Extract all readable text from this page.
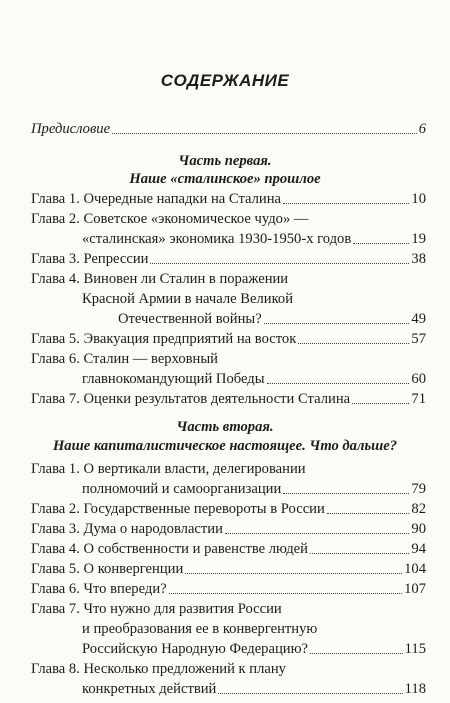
СОДЕРЖАНИЕ
Предисловие	6
Часть первая.
Наше «сталинское» прошлое
Глава 1. Очередные нападки на Сталина	10
Глава 2. Советское «экономическое чудо» —
«сталинская» экономика 1930-1950-х годов	19
Глава 3. Репрессии	38
Глава 4. Виновен ли Сталин в поражении
Красной Армии в начале Великой
Отечественной войны?	49
Глава 5. Эвакуация предприятий на восток	57
Глава 6. Сталин — верховный
главнокомандующий Победы	60
Глава 7. Оценки результатов деятельности Сталина	71
Часть вторая.
Наше капиталистическое настоящее. Что дальше?
Глава 1. О вертикали власти, делегировании
полномочий и самоорганизации	79
Глава 2. Государственные перевороты в России	82
Глава 3. Дума о народовластии	90
Глава 4. О собственности и равенстве людей	94
Глава 5. О конвергенции	104
Глава 6. Что впереди?	107
Глава 7. Что нужно для развития России
и преобразования ее в конвергентную
Российскую Народную Федерацию?	115
Глава 8. Несколько предложений к плану
конкретных действий	118
